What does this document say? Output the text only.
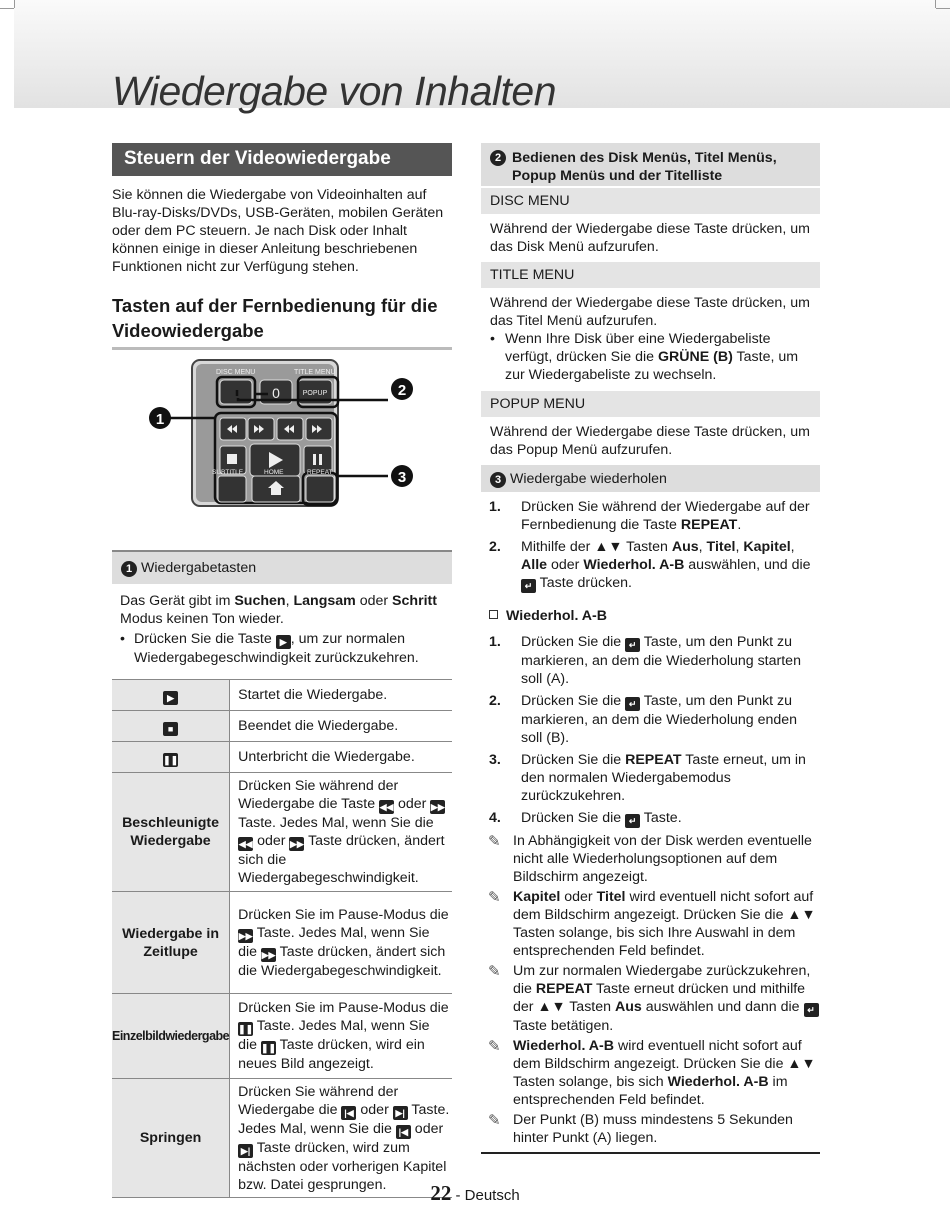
Wiedergabe von Inhalten
Steuern der Videowiedergabe

Sie können die Wiedergabe von Videoinhalten auf Blu-ray-Disks/DVDs, USB-Geräten, mobilen Geräten oder dem PC steuern. Je nach Disk oder Inhalt können einige in dieser Anleitung beschriebenen Funktionen nicht zur Verfügung stehen.

Tasten auf der Fernbedienung für die Videowiedergabe
1
2
3
DISC MENU	TITLE MENU
0	POPUP
SUBTITLE	HOME	REPEAT
1 Wiedergabetasten

Das Gerät gibt im Suchen, Langsam oder Schritt Modus keinen Ton wieder.

• Drücken Sie die Taste ▶ , um zur normalen Wiedergabegeschwindigkeit zurückzukehren.

▶	Startet die Wiedergabe.
■	Beendet die Wiedergabe.
❚❚	Unterbricht die Wiedergabe.
Beschleunigte Wiedergabe	Drücken Sie während der Wiedergabe die Taste ◀◀ oder ▶▶ Taste. Jedes Mal, wenn Sie die ◀◀ oder ▶▶ Taste drücken, ändert sich die Wiedergabegeschwindigkeit.
Wiedergabe in Zeitlupe	Drücken Sie im Pause-Modus die ▶▶ Taste. Jedes Mal, wenn Sie die ▶▶ Taste drücken, ändert sich die Wiedergabegeschwindigkeit.
Einzelbildwiedergabe	Drücken Sie im Pause-Modus die ❚❚ Taste. Jedes Mal, wenn Sie die ❚❚ Taste drücken, wird ein neues Bild angezeigt.
Springen	Drücken Sie während der Wiedergabe die |◀ oder ▶| Taste. Jedes Mal, wenn Sie die |◀ oder ▶| Taste drücken, wird zum nächsten oder vorherigen Kapitel bzw. Datei gesprungen.
2 Bedienen des Disk Menüs, Titel Menüs, Popup Menüs und der Titelliste
DISC MENU

Während der Wiedergabe diese Taste drücken, um das Disk Menü aufzurufen.

TITLE MENU

Während der Wiedergabe diese Taste drücken, um das Titel Menü aufzurufen.

• Wenn Ihre Disk über eine Wiedergabeliste verfügt, drücken Sie die GRÜNE (B) Taste, um zur Wiedergabeliste zu wechseln.

POPUP MENU

Während der Wiedergabe diese Taste drücken, um das Popup Menü aufzurufen.

3 Wiedergabe wiederholen

1. Drücken Sie während der Wiedergabe auf der Fernbedienung die Taste REPEAT.

2. Mithilfe der ▲▼ Tasten Aus, Titel, Kapitel, Alle oder Wiederhol. A-B auswählen, und die ↵ Taste drücken.

Wiederhol. A-B

1. Drücken Sie die ↵ Taste, um den Punkt zu markieren, an dem die Wiederholung starten soll (A).

2. Drücken Sie die ↵ Taste, um den Punkt zu markieren, an dem die Wiederholung enden soll (B).

3. Drücken Sie die REPEAT Taste erneut, um in den normalen Wiedergabemodus zurückzukehren.

4. Drücken Sie die ↵ Taste.

✎ In Abhängigkeit von der Disk werden eventuelle nicht alle Wiederholungsoptionen auf dem Bildschirm angezeigt.

✎ Kapitel oder Titel wird eventuell nicht sofort auf dem Bildschirm angezeigt. Drücken Sie die ▲▼ Tasten solange, bis sich Ihre Auswahl in dem entsprechenden Feld befindet.

✎ Um zur normalen Wiedergabe zurückzukehren, die REPEAT Taste erneut drücken und mithilfe der ▲▼ Tasten Aus auswählen und dann die ↵ Taste betätigen.

✎ Wiederhol. A-B wird eventuell nicht sofort auf dem Bildschirm angezeigt. Drücken Sie die ▲▼ Tasten solange, bis sich Wiederhol. A-B im entsprechenden Feld befindet.

✎ Der Punkt (B) muss mindestens 5 Sekunden hinter Punkt (A) liegen.

22 - Deutsch
